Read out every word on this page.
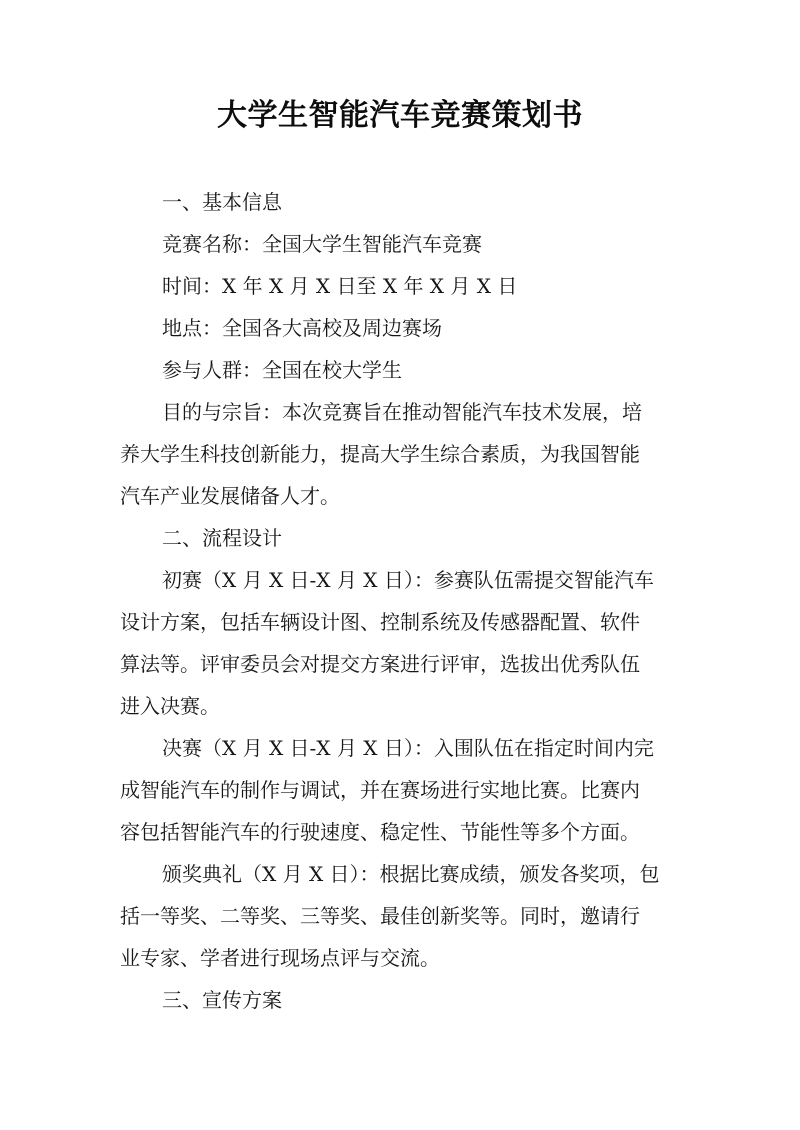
大学生智能汽车竞赛策划书
一、基本信息
竞赛名称：全国大学生智能汽车竞赛
时间：X 年 X 月 X 日至 X 年 X 月 X 日
地点：全国各大高校及周边赛场
参与人群：全国在校大学生
目的与宗旨：本次竞赛旨在推动智能汽车技术发展，培
养大学生科技创新能力，提高大学生综合素质，为我国智能
汽车产业发展储备人才。
二、流程设计
初赛（X 月 X 日-X 月 X 日）：参赛队伍需提交智能汽车
设计方案，包括车辆设计图、控制系统及传感器配置、软件
算法等。评审委员会对提交方案进行评审，选拔出优秀队伍
进入决赛。
决赛（X 月 X 日-X 月 X 日）：入围队伍在指定时间内完
成智能汽车的制作与调试，并在赛场进行实地比赛。比赛内
容包括智能汽车的行驶速度、稳定性、节能性等多个方面。
颁奖典礼（X 月 X 日）：根据比赛成绩，颁发各奖项，包
括一等奖、二等奖、三等奖、最佳创新奖等。同时，邀请行
业专家、学者进行现场点评与交流。
三、宣传方案
